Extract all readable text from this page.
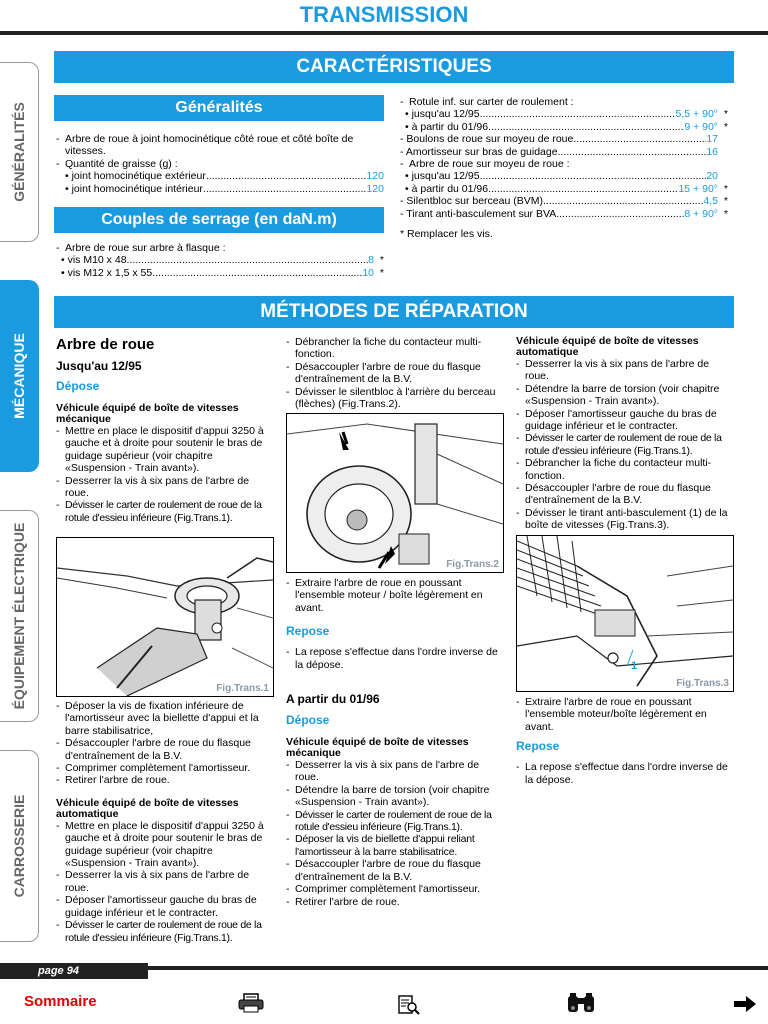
TRANSMISSION
GÉNÉRALITÉS
MÉCANIQUE
ÉQUIPEMENT ÉLECTRIQUE
CARROSSERIE
CARACTÉRISTIQUES
Généralités
- Arbre de roue à joint homocinétique côté roue et côté boîte de vitesses.
- Quantité de graisse (g) :
• joint homocinétique extérieur .....	120
• joint homocinétique intérieur .....	120
Couples de serrage (en daN.m)
- Arbre de roue sur arbre à flasque :
• vis M10 x 48 .....	8 *
• vis M12 x 1,5 x 55 .....	10 *
- Rotule inf. sur carter de roulement :
• jusqu'au 12/95 .....	5,5 + 90° *
• à partir du 01/96 .....	9 + 90° *
- Boulons de roue sur moyeu de roue .....	17
- Amortisseur sur bras de guidage .....	16
- Arbre de roue sur moyeu de roue :
• jusqu'au 12/95 .....	20
• à partir du 01/96 .....	15 + 90° *
- Silentbloc sur berceau (BVM) .....	4,5 *
- Tirant anti-basculement sur BVA .....	8 + 90° *
* Remplacer les vis.
MÉTHODES DE RÉPARATION
Arbre de roue
Jusqu'au 12/95
Dépose
Véhicule équipé de boîte de vitesses mécanique
- Mettre en place le dispositif d'appui 3250 à gauche et à droite pour soutenir le bras de guidage supérieur (voir chapitre «Suspension - Train avant»).
- Desserrer la vis à six pans de l'arbre de roue.
- Dévisser le carter de roulement de roue de la rotule d'essieu inférieure (Fig.Trans.1).
Fig.Trans.1
- Déposer la vis de fixation inférieure de l'amortisseur avec la biellette d'appui et la barre stabilisatrice,
- Désaccoupler l'arbre de roue du flasque d'entraînement de la B.V.
- Comprimer complètement l'amortisseur.
- Retirer l'arbre de roue.
Véhicule équipé de boîte de vitesses automatique
- Mettre en place le dispositif d'appui 3250 à gauche et à droite pour soutenir le bras de guidage supérieur (voir chapitre «Suspension - Train avant»).
- Desserrer la vis à six pans de l'arbre de roue.
- Déposer l'amortisseur gauche du bras de guidage inférieur et le contracter.
- Dévisser le carter de roulement de roue de la rotule d'essieu inférieure (Fig.Trans.1).
- Débrancher la fiche du contacteur multi-fonction.
- Désaccoupler l'arbre de roue du flasque d'entraînement de la B.V.
- Dévisser le silentbloc à l'arrière du berceau (flèches) (Fig.Trans.2).
Fig.Trans.2
- Extraire l'arbre de roue en poussant l'ensemble moteur / boîte légèrement en avant.
Repose
- La repose s'effectue dans l'ordre inverse de la dépose.
A partir du 01/96
Dépose
Véhicule équipé de boîte de vitesses mécanique
- Desserrer la vis à six pans de l'arbre de roue.
- Détendre la barre de torsion (voir chapitre «Suspension - Train avant»).
- Dévisser le carter de roulement de roue de la rotule d'essieu inférieure (Fig.Trans.1).
- Déposer la vis de biellette d'appui reliant l'amortisseur à la barre stabilisatrice.
- Désaccoupler l'arbre de roue du flasque d'entraînement de la B.V.
- Comprimer complètement l'amortisseur.
- Retirer l'arbre de roue.
Véhicule équipé de boîte de vitesses automatique
- Desserrer la vis à six pans de l'arbre de roue.
- Détendre la barre de torsion (voir chapitre «Suspension - Train avant»).
- Déposer l'amortisseur gauche du bras de guidage inférieur et le contracter.
- Dévisser le carter de roulement de roue de la rotule d'essieu inférieure (Fig.Trans.1).
- Débrancher la fiche du contacteur multi-fonction.
- Désaccoupler l'arbre de roue du flasque d'entraînement de la B.V.
- Dévisser le tirant anti-basculement (1) de la boîte de vitesses (Fig.Trans.3).
1
Fig.Trans.3
- Extraire l'arbre de roue en poussant l'ensemble moteur/boîte légèrement en avant.
Repose
- La repose s'effectue dans l'ordre inverse de la dépose.
page 94
Sommaire
